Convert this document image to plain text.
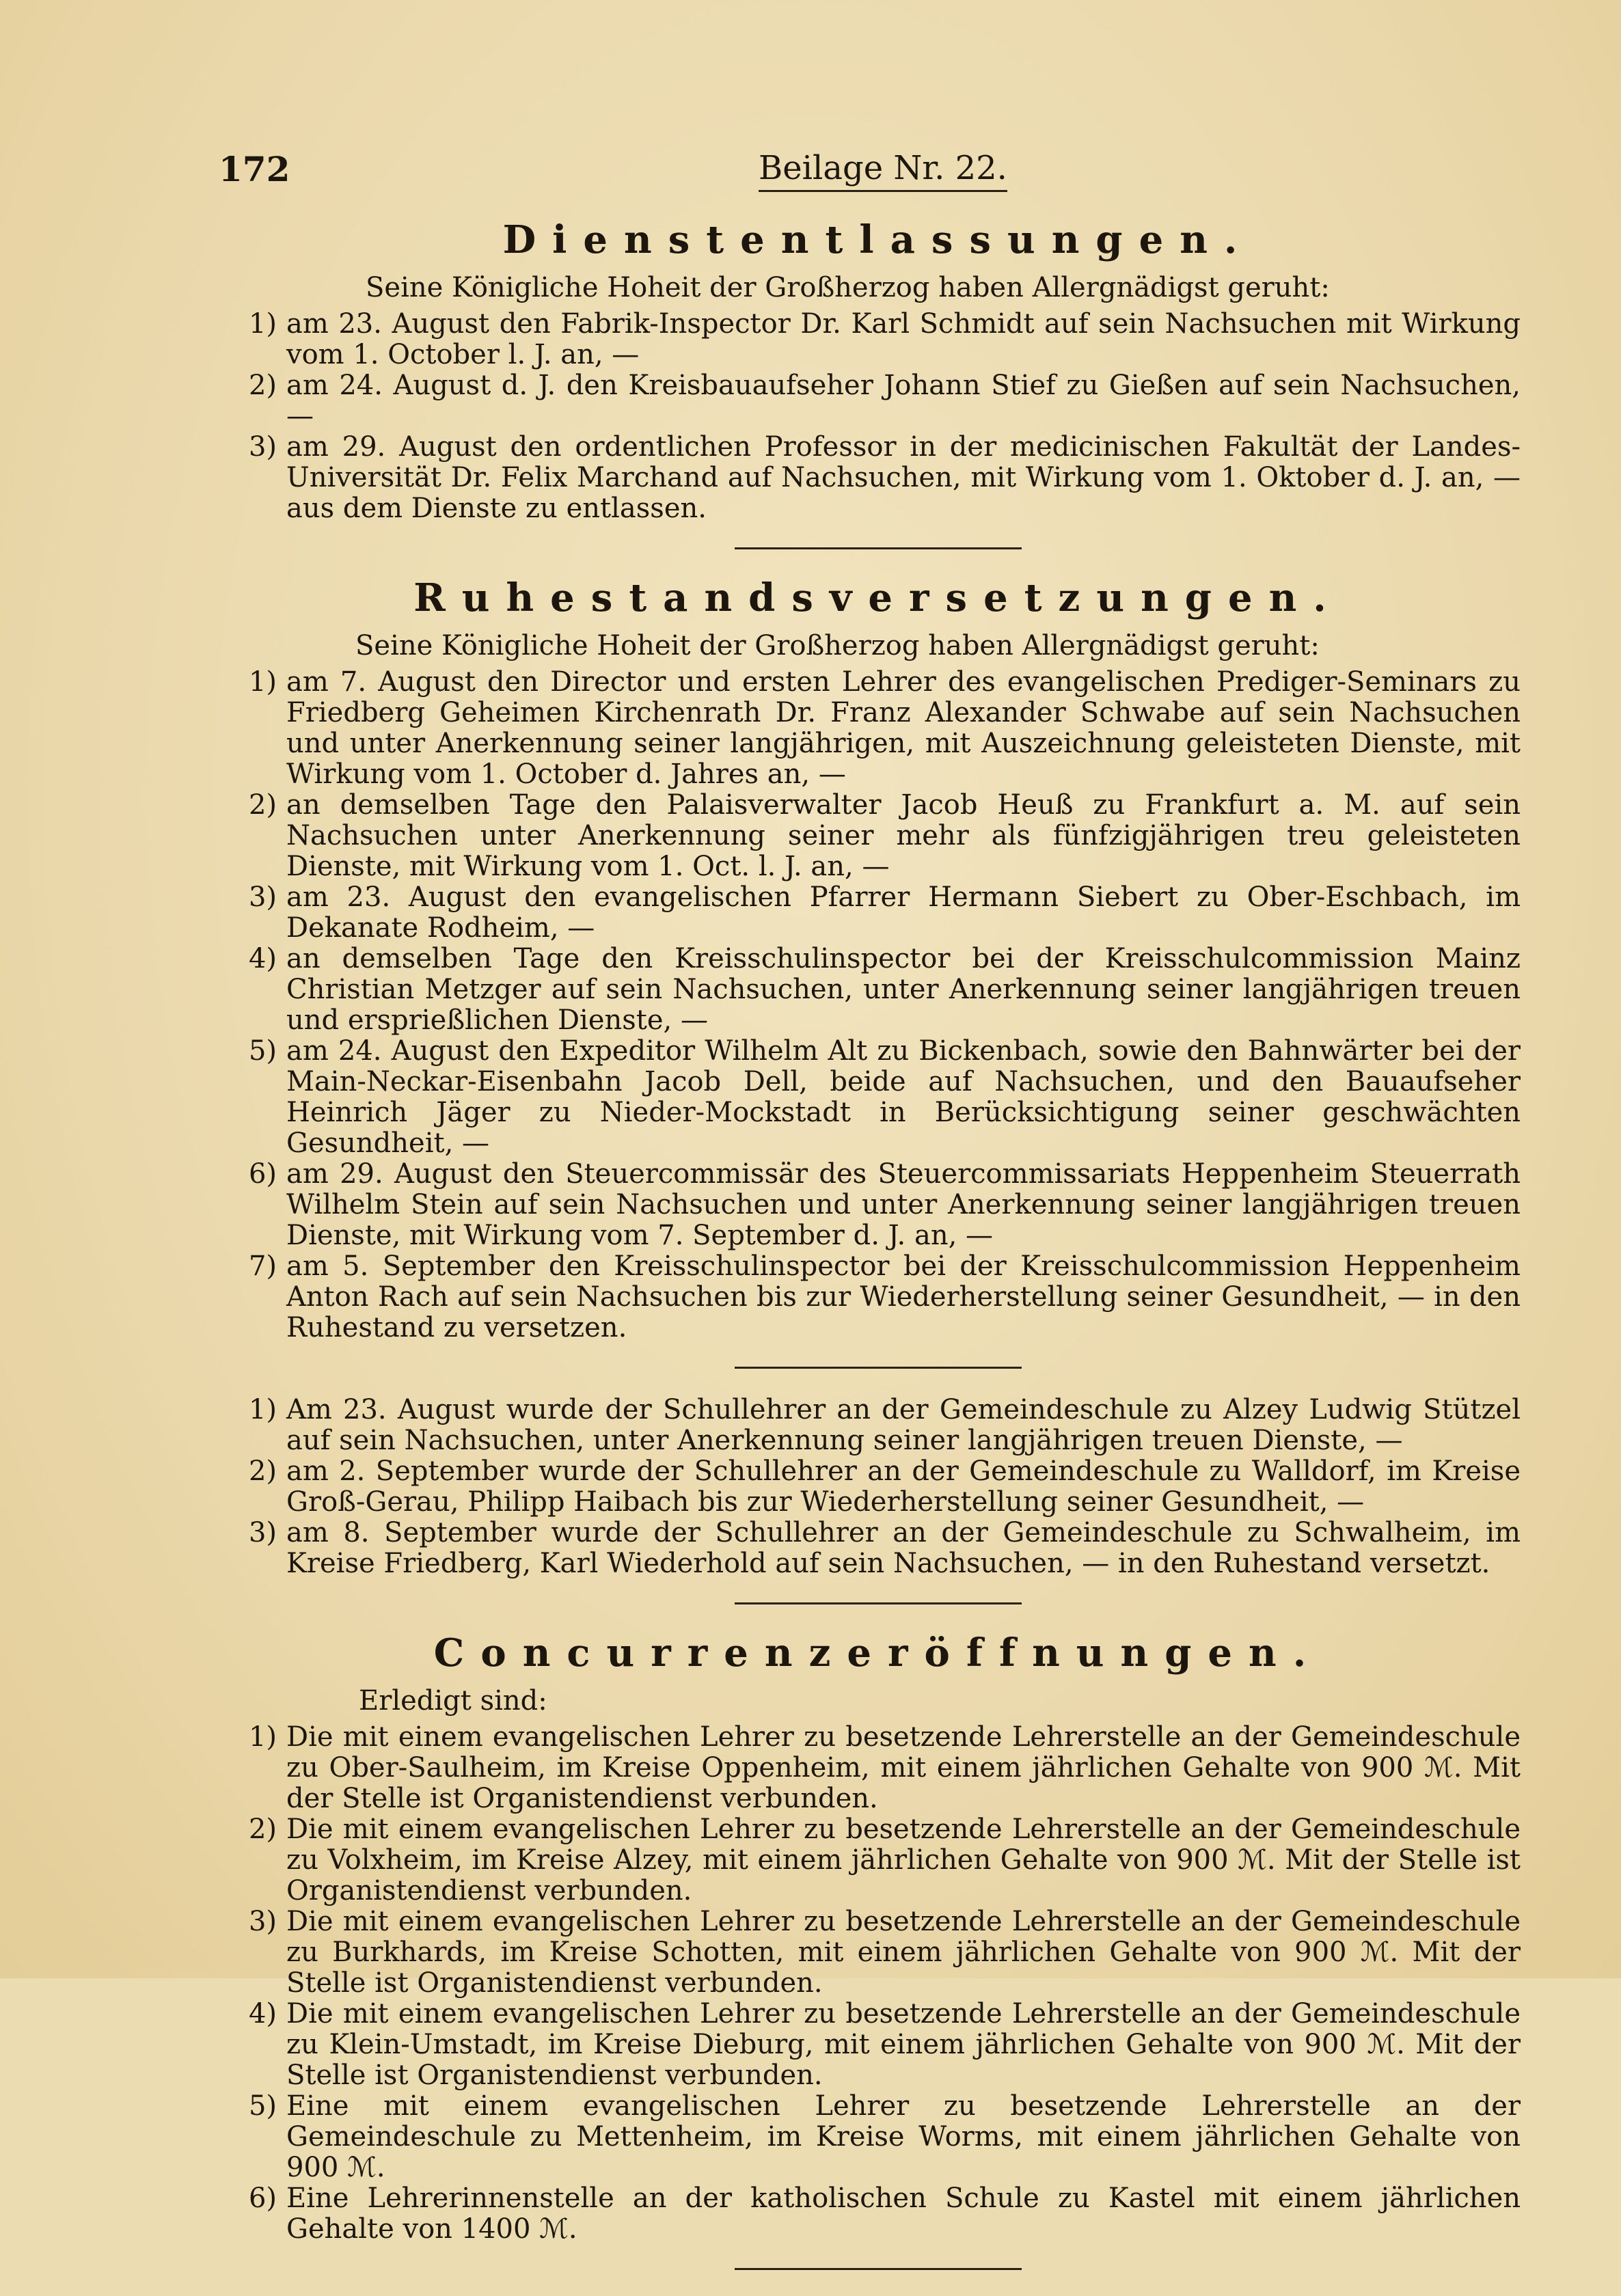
172	Beilage Nr. 22.
Dienstentlassungen.

Seine Königliche Hoheit der Großherzog haben Allergnädigst geruht:

1) am 23. August den Fabrik-Inspector Dr. Karl Schmidt auf sein Nachsuchen mit Wirkung vom 1. October l. J. an, —
2) am 24. August d. J. den Kreisbauaufseher Johann Stief zu Gießen auf sein Nachsuchen, —
3) am 29. August den ordentlichen Professor in der medicinischen Fakultät der Landes-Universität Dr. Felix Marchand auf Nachsuchen, mit Wirkung vom 1. Oktober d. J. an, — aus dem Dienste zu entlassen.
Ruhestandsversetzungen.

Seine Königliche Hoheit der Großherzog haben Allergnädigst geruht:

1) am 7. August den Director und ersten Lehrer des evangelischen Prediger-Seminars zu Friedberg Geheimen Kirchenrath Dr. Franz Alexander Schwabe auf sein Nachsuchen und unter Anerkennung seiner langjährigen, mit Auszeichnung geleisteten Dienste, mit Wirkung vom 1. October d. Jahres an, —
2) an demselben Tage den Palaisverwalter Jacob Heuß zu Frankfurt a. M. auf sein Nachsuchen unter Anerkennung seiner mehr als fünfzigjährigen treu geleisteten Dienste, mit Wirkung vom 1. Oct. l. J. an, —
3) am 23. August den evangelischen Pfarrer Hermann Siebert zu Ober-Eschbach, im Dekanate Rodheim, —
4) an demselben Tage den Kreisschulinspector bei der Kreisschulcommission Mainz Christian Metzger auf sein Nachsuchen, unter Anerkennung seiner langjährigen treuen und ersprießlichen Dienste, —
5) am 24. August den Expeditor Wilhelm Alt zu Bickenbach, sowie den Bahnwärter bei der Main-Neckar-Eisenbahn Jacob Dell, beide auf Nachsuchen, und den Bauaufseher Heinrich Jäger zu Nieder-Mockstadt in Berücksichtigung seiner geschwächten Gesundheit, —
6) am 29. August den Steuercommissär des Steuercommissariats Heppenheim Steuerrath Wilhelm Stein auf sein Nachsuchen und unter Anerkennung seiner langjährigen treuen Dienste, mit Wirkung vom 7. September d. J. an, —
7) am 5. September den Kreisschulinspector bei der Kreisschulcommission Heppenheim Anton Rach auf sein Nachsuchen bis zur Wiederherstellung seiner Gesundheit, — in den Ruhestand zu versetzen.
1) Am 23. August wurde der Schullehrer an der Gemeindeschule zu Alzey Ludwig Stützel auf sein Nachsuchen, unter Anerkennung seiner langjährigen treuen Dienste, —
2) am 2. September wurde der Schullehrer an der Gemeindeschule zu Walldorf, im Kreise Groß-Gerau, Philipp Haibach bis zur Wiederherstellung seiner Gesundheit, —
3) am 8. September wurde der Schullehrer an der Gemeindeschule zu Schwalheim, im Kreise Friedberg, Karl Wiederhold auf sein Nachsuchen, — in den Ruhestand versetzt.
Concurrenzeröffnungen.

Erledigt sind:

1) Die mit einem evangelischen Lehrer zu besetzende Lehrerstelle an der Gemeindeschule zu Ober-Saulheim, im Kreise Oppenheim, mit einem jährlichen Gehalte von 900 ℳ. Mit der Stelle ist Organistendienst verbunden.
2) Die mit einem evangelischen Lehrer zu besetzende Lehrerstelle an der Gemeindeschule zu Volxheim, im Kreise Alzey, mit einem jährlichen Gehalte von 900 ℳ. Mit der Stelle ist Organistendienst verbunden.
3) Die mit einem evangelischen Lehrer zu besetzende Lehrerstelle an der Gemeindeschule zu Burkhards, im Kreise Schotten, mit einem jährlichen Gehalte von 900 ℳ. Mit der Stelle ist Organistendienst verbunden.
4) Die mit einem evangelischen Lehrer zu besetzende Lehrerstelle an der Gemeindeschule zu Klein-Umstadt, im Kreise Dieburg, mit einem jährlichen Gehalte von 900 ℳ. Mit der Stelle ist Organistendienst verbunden.
5) Eine mit einem evangelischen Lehrer zu besetzende Lehrerstelle an der Gemeindeschule zu Mettenheim, im Kreise Worms, mit einem jährlichen Gehalte von 900 ℳ.
6) Eine Lehrerinnenstelle an der katholischen Schule zu Kastel mit einem jährlichen Gehalte von 1400 ℳ.
